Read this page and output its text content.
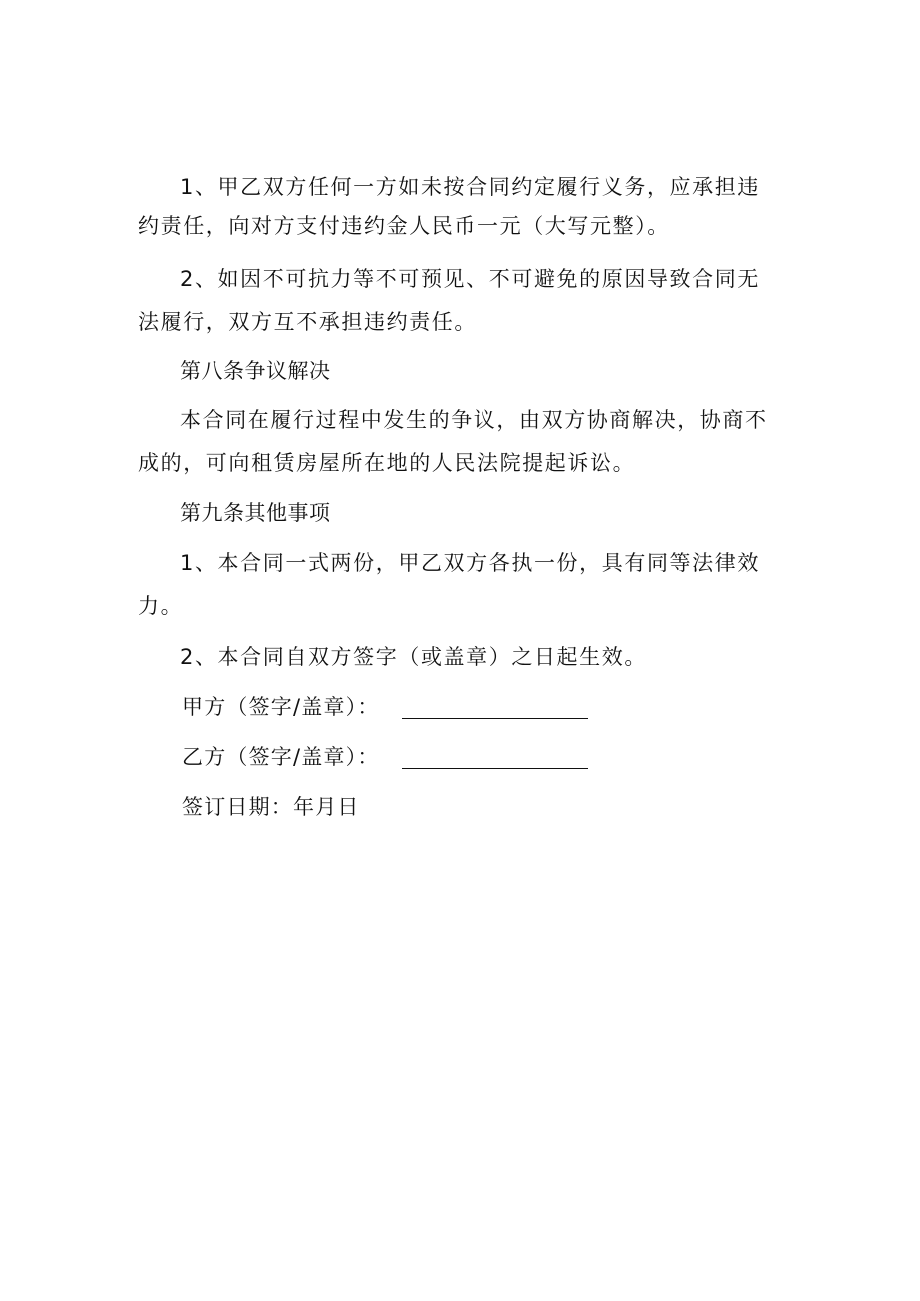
1、甲乙双方任何一方如未按合同约定履行义务，应承担违
约责任，向对方支付违约金人民币一元（大写元整）。
2、如因不可抗力等不可预见、不可避免的原因导致合同无
法履行，双方互不承担违约责任。
第八条争议解决
本合同在履行过程中发生的争议，由双方协商解决，协商不
成的，可向租赁房屋所在地的人民法院提起诉讼。
第九条其他事项
1、本合同一式两份，甲乙双方各执一份，具有同等法律效
力。
2、本合同自双方签字（或盖章）之日起生效。
甲方（签字/盖章）：
乙方（签字/盖章）：
签订日期：年月日
